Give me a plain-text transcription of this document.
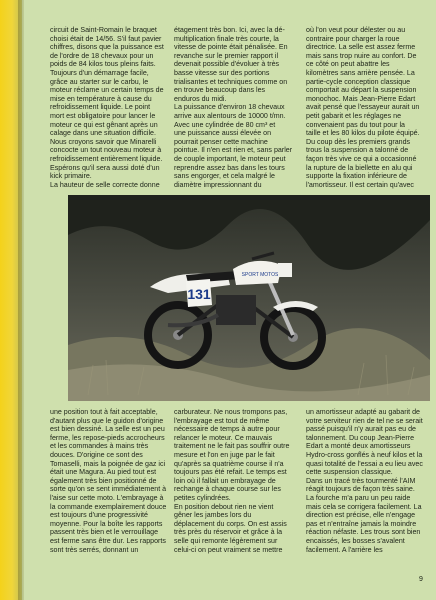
circuit de Saint-Romain le braquet
choisi était de 14/56. S'il faut pavier
chiffres, disons que la puissance est
de l'ordre de 18 chevaux pour un
poids de 84 kilos tous pleins faits.
Toujours d'un démarrage facile,
grâce au starter sur le carbu, le
moteur réclame un certain temps de
mise en température à cause du
refroidissement liquide. Le point
mort est obligatoire pour lancer le
moteur ce qui est gênant après un
calage dans une situation difficile.
Nous croyons savoir que Minarelli
concocte un tout nouveau moteur à
refroidissement entièrement liquide.
Espérons qu'il sera aussi doté d'un
kick primaire.
La hauteur de selle correcte donne

étagement très bon. Ici, avec la dé-
multiplication finale très courte, la
vitesse de pointe était pénalisée. En
revanche sur le premier rapport il
devenait possible d'évoluer à très
basse vitesse sur des portions
trialisantes et techniques comme on
en trouve beaucoup dans les
enduros du midi.
La puissance d'environ 18 chevaux
arrive aux alentours de 10000 t/mn.
Avec une cylindrée de 80 cm³ et
une puissance aussi élevée on
pourrait penser cette machine
pointue. Il n'en est rien et, sans parler
de couple important, le moteur peut
reprendre assez bas dans les tours
sans engorger, et cela malgré le
diamètre impressionnant du

où l'on veut pour délester ou au
contraire pour charger la roue
directrice. La selle est assez ferme
mais sans trop nuire au confort. De
ce côté on peut abattre les
kilomètres sans arrière pensée. La
partie-cycle conception classique
comportait au départ la suspension
monochoc. Mais Jean-Pierre Edart
avait pensé que l'essayeur aurait un
petit gabarit et les réglages ne
convenaient pas du tout pour la
taille et les 80 kilos du pilote équipé.
Du coup dès les premiers grands
trous la suspension a talonné de
façon très vive ce qui a occasionné
la rupture de la biellette en alu qui
supporte la fixation inférieure de
l'amortisseur. Il est certain qu'avec

SPORT MOTOS
131

une position tout à fait acceptable,
d'autant plus que le guidon d'origine
est bien dessiné. La selle est un peu
ferme, les repose-pieds accrocheurs
et les commandes à mains très
douces. D'origine ce sont des
Tomaselli, mais la poignée de gaz ici
était une Magura. Au pied tout est
également très bien positionné de
sorte qu'on se sent immédiatement à
l'aise sur cette moto. L'embrayage à
la commande exemplairement douce
est toujours d'une progressivité
moyenne. Pour la boîte les rapports
passent très bien et le verrouillage
est ferme sans être dur. Les rapports
sont très serrés, donnant un

carburateur. Ne nous trompons pas,
l'embrayage est tout de même
nécessaire de temps à autre pour
relancer le moteur. Ce mauvais
traitement ne le fait pas souffrir outre
mesure et l'on en juge par le fait
qu'après sa quatrième course il n'a
toujours pas été refait. Le temps est
loin où il fallait un embrayage de
rechange à chaque course sur les
petites cylindrées.
En position debout rien ne vient
gêner les jambes lors du
déplacement du corps. On est assis
très près du réservoir et grâce à la
selle qui remonte légèrement sur
celui-ci on peut vraiment se mettre

un amortisseur adapté au gabarit de
votre serviteur rien de tel ne se serait
passé puisqu'il n'y aurait pas eu de
talonnement. Du coup Jean-Pierre
Edart a monté deux amortisseurs
Hydro-cross gonflés à neuf kilos et la
quasi totalité de l'essai a eu lieu avec
cette suspension classique.
Dans un tracé très tourmenté l'AIM
réagit toujours de façon très saine.
La fourche m'a paru un peu raide
mais cela se corrigera facilement. La
direction est précise, elle n'engage
pas et n'entraîne jamais la moindre
réaction néfaste. Les trous sont bien
encaissés, les bosses s'avalent
facilement. A l'arrière les

9
